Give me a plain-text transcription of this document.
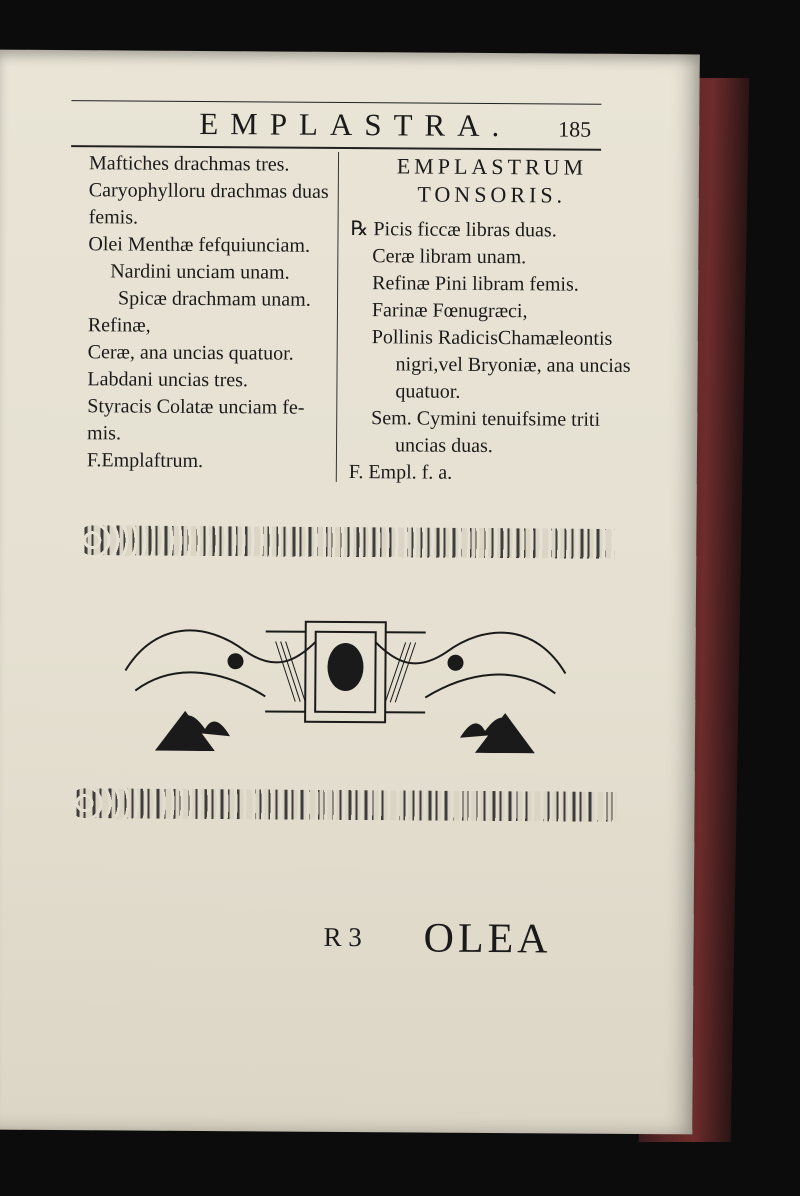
EMPLASTRA. 185
Maftiches drachmas tres.
Caryophylloru drachmas duas
femis.
Olei Menthæ fefquiunciam.
Nardini unciam unam.
Spicæ drachmam unam.
Refinæ,
Ceræ, ana uncias quatuor.
Labdani uncias tres.
Styracis Colatæ unciam fe-
mis.
F.Emplaftrum.
EMPLASTRUM
TONSORIS.
℞ Picis ficcæ libras duas.
Ceræ libram unam.
Refinæ Pini libram femis.
Farinæ Fœnugræci,
Pollinis RadicisChamæleontis
nigri,vel Bryoniæ, ana uncias
quatuor.
Sem. Cymini tenuifsime triti
uncias duas.
F. Empl. f. a.
R 3 OLEA
